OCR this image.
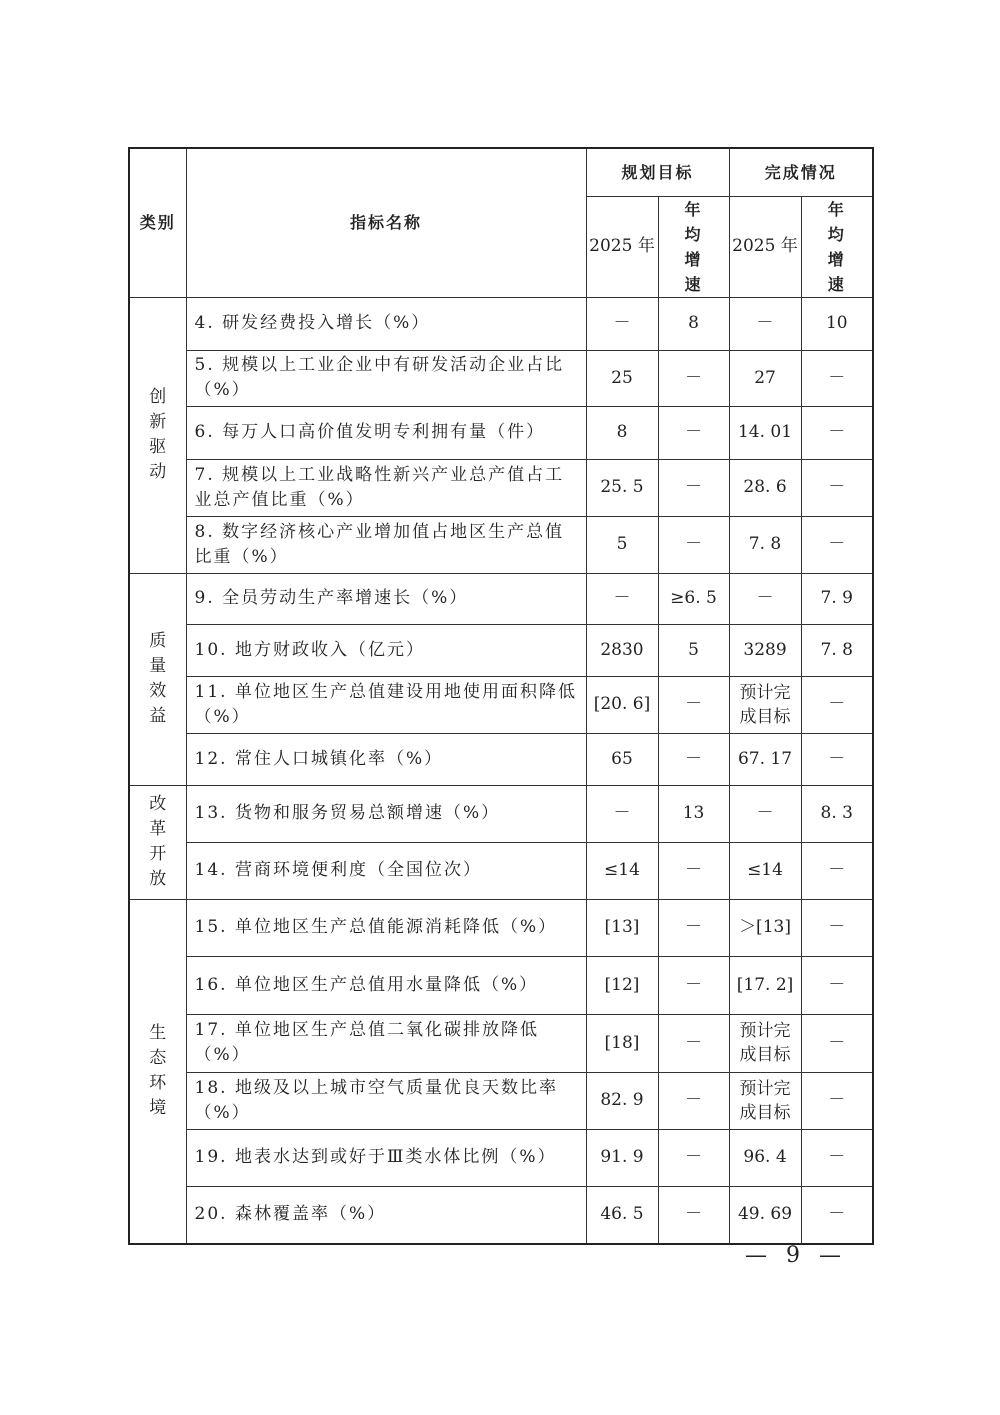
类别	指标名称	规划目标		完成情况	
		2025 年	年均增速	2025 年	年均增速
创新驱动	4. 研发经费投入增长（%）	－	8	－	10
	5. 规模以上工业企业中有研发活动企业占比（%）	25	－	27	－
	6. 每万人口高价值发明专利拥有量（件）	8	－	14. 01	－
	7. 规模以上工业战略性新兴产业总产值占工业总产值比重（%）	25. 5	－	28. 6	－
	8. 数字经济核心产业增加值占地区生产总值比重（%）	5	－	7. 8	－
质量效益	9. 全员劳动生产率增速长（%）	－	≥6. 5	－	7. 9
	10. 地方财政收入（亿元）	2830	5	3289	7. 8
	11. 单位地区生产总值建设用地使用面积降低（%）	[20. 6]	－	预计完成目标	－
	12. 常住人口城镇化率（%）	65	－	67. 17	－
改革开放	13. 货物和服务贸易总额增速（%）	－	13	－	8. 3
	14. 营商环境便利度（全国位次）	≤14	－	≤14	－
生态环境	15. 单位地区生产总值能源消耗降低（%）	[13]	－	＞[13]	－
	16. 单位地区生产总值用水量降低（%）	[12]	－	[17. 2]	－
	17. 单位地区生产总值二氧化碳排放降低（%）	[18]	－	预计完成目标	－
	18. 地级及以上城市空气质量优良天数比率（%）	82. 9	－	预计完成目标	－
	19. 地表水达到或好于Ⅲ类水体比例（%）	91. 9	－	96. 4	－
	20. 森林覆盖率（%）	46. 5	－	49. 69	－
— 9 —
